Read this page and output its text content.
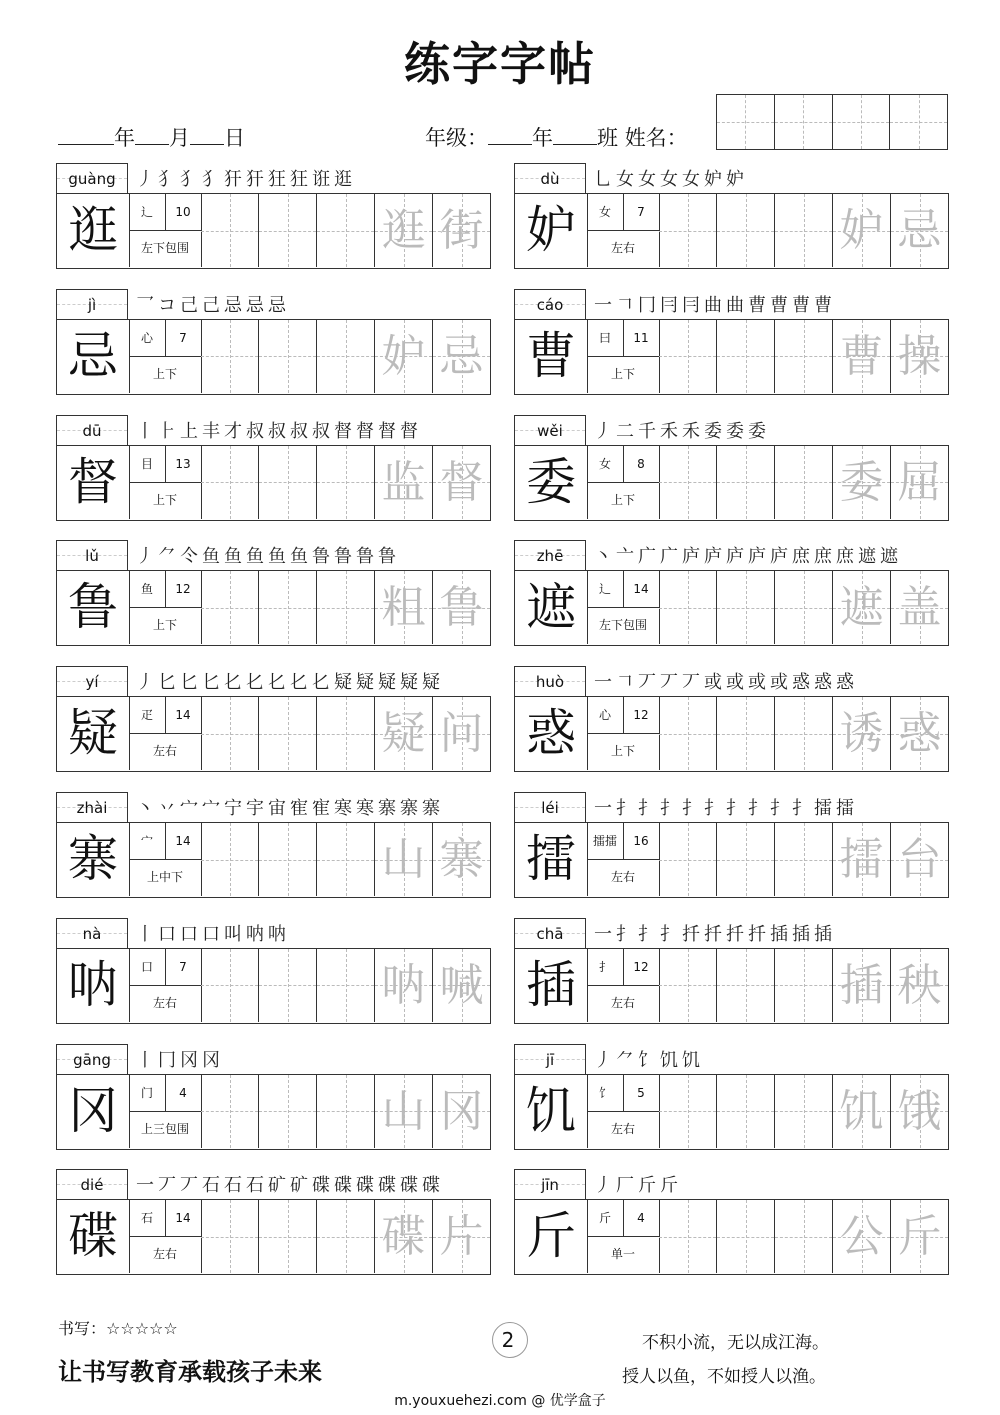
练字字帖
年 月 日	年级： 年 班 姓名：
guàng	丿犭犭犭犴犴狂狂诳逛
逛	辶	10
左下包围	逛 街
dù	乚女女女女妒妒
妒	女	7
左右	妒 忌
jì	乛コ己己忌忌忌
忌	心	7
上下	妒 忌
cáo	一𠃍冂冃冃曲曲曹曹曹曹
曹	曰	11
上下	曹 操
dū	丨⺊上丰才叔叔叔叔督督督督
督	目	13
上下	监 督
wěi	丿二千禾禾委委委
委	女	8
上下	委 屈
lǔ	丿⺈仒鱼鱼鱼鱼鱼鲁鲁鲁鲁
鲁	鱼	12
上下	粗 鲁
zhē	丶亠广广庐庐庐庐庐庶庶庶遮遮
遮	辶	14
左下包围	遮 盖
yí	丿匕匕匕𠤎𠤎𠤎𠤎𠤎疑疑疑疑疑
疑	疋	14
左右	疑 问
huò	一𠃍丆丆丆或或或或惑惑惑
惑	心	12
上下	诱 惑
zhài	丶丷宀宀宁宇宙寉寉寒寒寨寨寨
寨	宀	14
上中下	山 寨
léi	一扌扌扌扌扌扌扌扌扌擂擂
擂	擂擂	16
左右	擂 台
nà	丨口口口叫呐呐
呐	口	7
左右	呐 喊
chā	一扌扌扌扦扦扦扦插插插
插	扌	12
左右	插 秧
gāng	丨冂冈冈
冈	门	4
上三包围	山 冈
jī	丿⺈饣饥饥
饥	饣	5
左右	饥 饿
dié	一丆丆石石石矿矿碟碟碟碟碟碟
碟	石	14
左右	碟 片
jīn	丿厂斤斤
斤	斤	4
单一	公 斤
书写：☆☆☆☆☆
让书写教育承载孩子未来
2	不积小流，无以成江海。
授人以鱼，不如授人以渔。
m.youxuehezi.com @ 优学盒子
